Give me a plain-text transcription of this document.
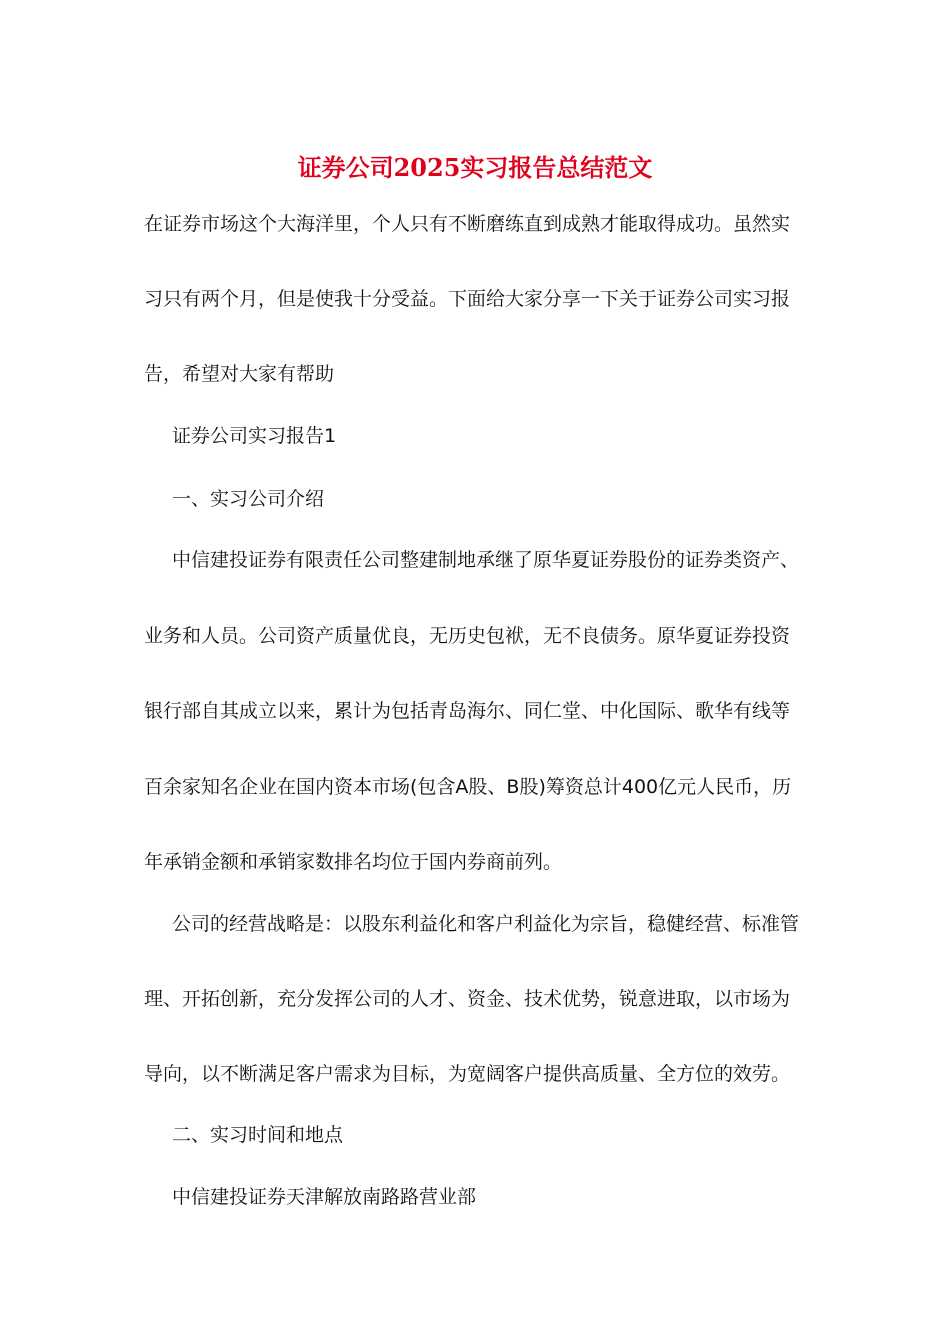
证券公司2025实习报告总结范文
在证券市场这个大海洋里，个人只有不断磨练直到成熟才能取得成功。虽然实
习只有两个月，但是使我十分受益。下面给大家分享一下关于证券公司实习报
告，希望对大家有帮助
证券公司实习报告1
一、实习公司介绍
中信建投证券有限责任公司整建制地承继了原华夏证券股份的证券类资产、
业务和人员。公司资产质量优良，无历史包袱，无不良债务。原华夏证券投资
银行部自其成立以来，累计为包括青岛海尔、同仁堂、中化国际、歌华有线等
百余家知名企业在国内资本市场(包含A股、B股)筹资总计400亿元人民币，历
年承销金额和承销家数排名均位于国内券商前列。
公司的经营战略是：以股东利益化和客户利益化为宗旨，稳健经营、标准管
理、开拓创新，充分发挥公司的人才、资金、技术优势，锐意进取，以市场为
导向，以不断满足客户需求为目标，为宽阔客户提供高质量、全方位的效劳。
二、实习时间和地点
中信建投证券天津解放南路路营业部
